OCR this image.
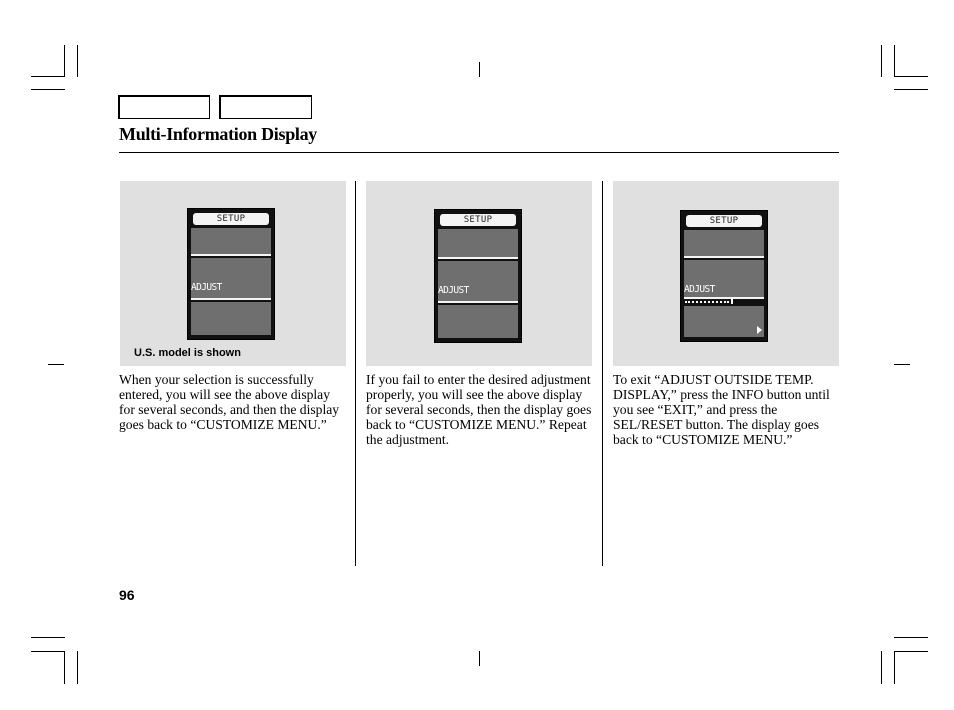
Multi-Information Display
SETUP

ADJUST

U.S. model is shown
When your selection is successfully entered, you will see the above display for several seconds, and then the display goes back to “CUSTOMIZE MENU.”
SETUP

ADJUST

If you fail to enter the desired adjustment properly, you will see the above display for several seconds, then the display goes back to “CUSTOMIZE MENU.” Repeat the adjustment.
SETUP

ADJUST

To exit “ADJUST OUTSIDE TEMP. DISPLAY,” press the INFO button until you see “EXIT,” and press the SEL/RESET button. The display goes back to “CUSTOMIZE MENU.”
96
